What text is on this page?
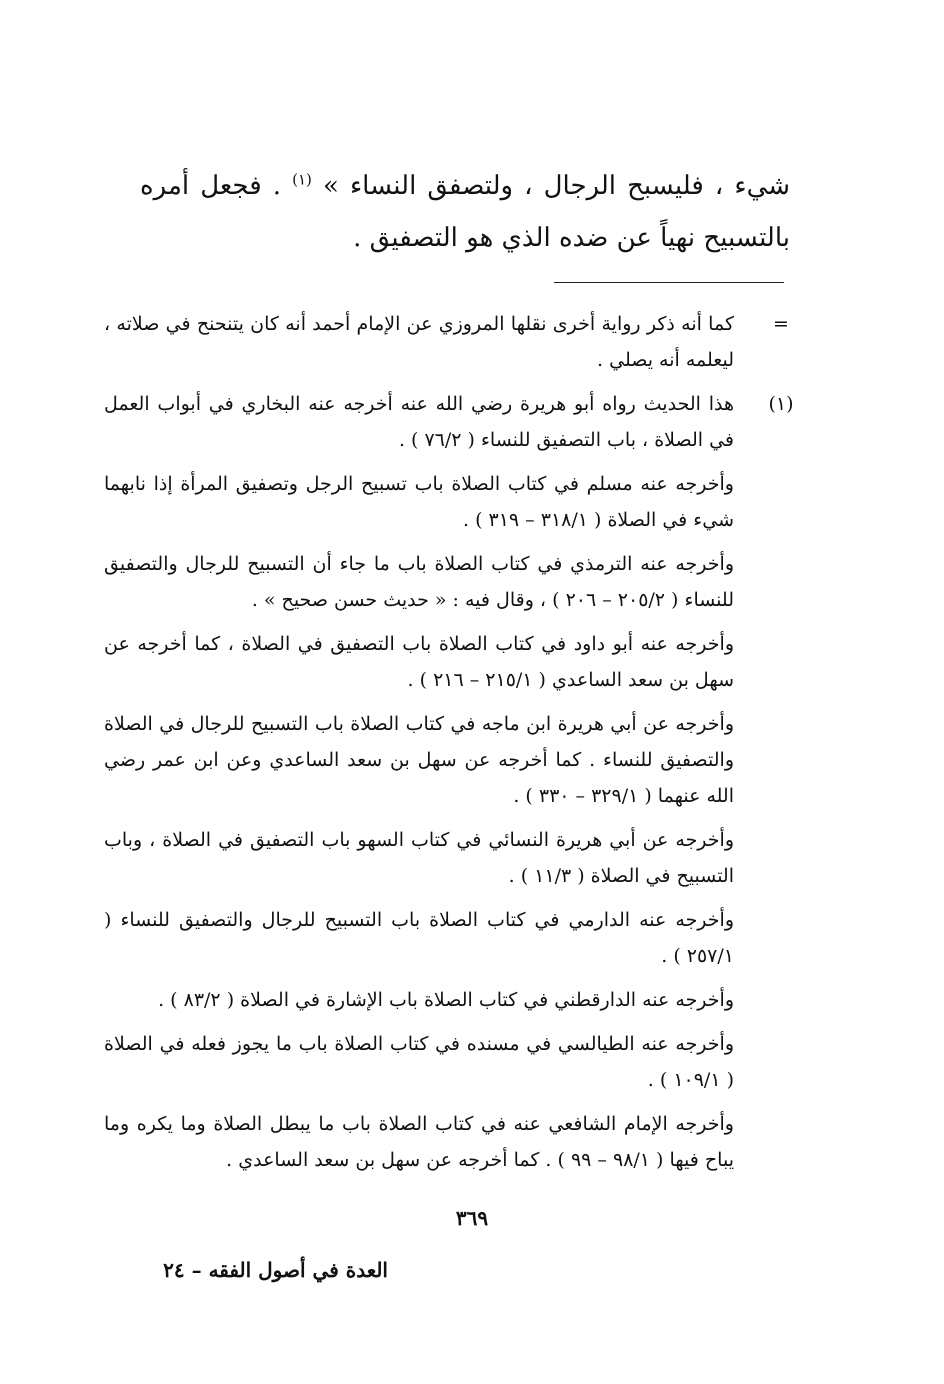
شيء ، فليسبح الرجال ، ولتصفق النساء » $^{(١)}$ . فجعل أمره بالتسبيح نهياً عن ضده الذي هو التصفيق .
=

كما أنه ذكر رواية أخرى نقلها المروزي عن الإمام أحمد أنه كان يتنحنح في صلاته ، ليعلمه أنه يصلي .

(١)

هذا الحديث رواه أبو هريرة رضي الله عنه أخرجه عنه البخاري في أبواب العمل في الصلاة ، باب التصفيق للنساء ( ٧٦/٢ ) .

وأخرجه عنه مسلم في كتاب الصلاة باب تسبيح الرجل وتصفيق المرأة إذا نابهما شيء في الصلاة ( ٣١٨/١ – ٣١٩ ) .

وأخرجه عنه الترمذي في كتاب الصلاة باب ما جاء أن التسبيح للرجال والتصفيق للنساء ( ٢٠٥/٢ – ٢٠٦ ) ، وقال فيه : « حديث حسن صحيح » .

وأخرجه عنه أبو داود في كتاب الصلاة باب التصفيق في الصلاة ، كما أخرجه عن سهل بن سعد الساعدي ( ٢١٥/١ – ٢١٦ ) .

وأخرجه عن أبي هريرة ابن ماجه في كتاب الصلاة باب التسبيح للرجال في الصلاة والتصفيق للنساء . كما أخرجه عن سهل بن سعد الساعدي وعن ابن عمر رضي الله عنهما ( ٣٢٩/١ – ٣٣٠ ) .

وأخرجه عن أبي هريرة النسائي في كتاب السهو باب التصفيق في الصلاة ، وباب التسبيح في الصلاة ( ١١/٣ ) .

وأخرجه عنه الدارمي في كتاب الصلاة باب التسبيح للرجال والتصفيق للنساء ( ٢٥٧/١ ) .

وأخرجه عنه الدارقطني في كتاب الصلاة باب الإشارة في الصلاة ( ٨٣/٢ ) .

وأخرجه عنه الطيالسي في مسنده في كتاب الصلاة باب ما يجوز فعله في الصلاة ( ١٠٩/١ ) .

وأخرجه الإمام الشافعي عنه في كتاب الصلاة باب ما يبطل الصلاة وما يكره وما يباح فيها ( ٩٨/١ – ٩٩ ) . كما أخرجه عن سهل بن سعد الساعدي .

٣٦٩
العدة في أصول الفقه – ٢٤
